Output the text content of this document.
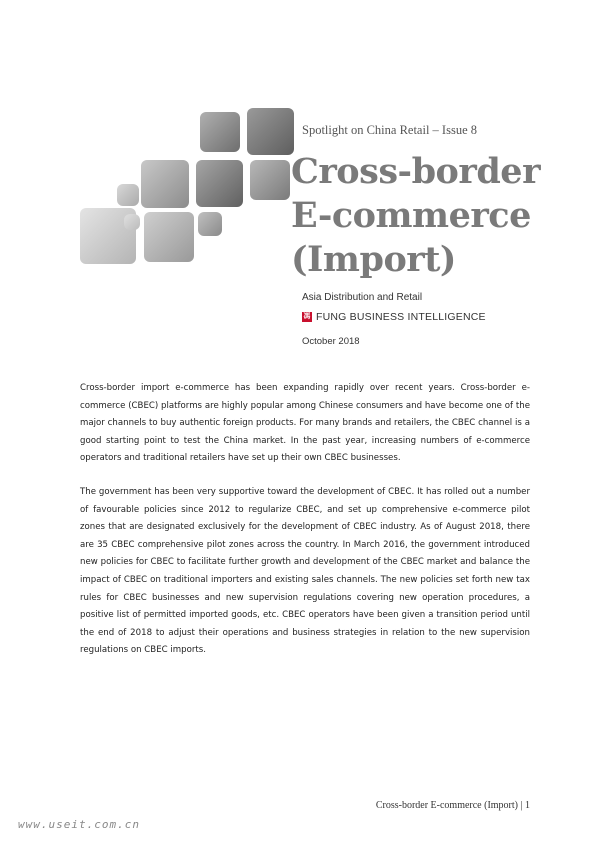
Spotlight on China Retail – Issue 8
Cross-border
E-commerce
(Import)
Asia Distribution and Retail
馮 FUNG BUSINESS INTELLIGENCE
October 2018

Cross-border import e-commerce has been expanding rapidly over recent years. Cross-border e-commerce (CBEC) platforms are highly popular among Chinese consumers and have become one of the major channels to buy authentic foreign products. For many brands and retailers, the CBEC channel is a good starting point to test the China market. In the past year, increasing numbers of e-commerce operators and traditional retailers have set up their own CBEC businesses.

The government has been very supportive toward the development of CBEC. It has rolled out a number of favourable policies since 2012 to regularize CBEC, and set up comprehensive e-commerce pilot zones that are designated exclusively for the development of CBEC industry. As of August 2018, there are 35 CBEC comprehensive pilot zones across the country. In March 2016, the government introduced new policies for CBEC to facilitate further growth and development of the CBEC market and balance the impact of CBEC on traditional importers and existing sales channels. The new policies set forth new tax rules for CBEC businesses and new supervision regulations covering new operation procedures, a positive list of permitted imported goods, etc. CBEC operators have been given a transition period until the end of 2018 to adjust their operations and business strategies in relation to the new supervision regulations on CBEC imports.

Cross-border E-commerce (Import) | 1
www.useit.com.cn
